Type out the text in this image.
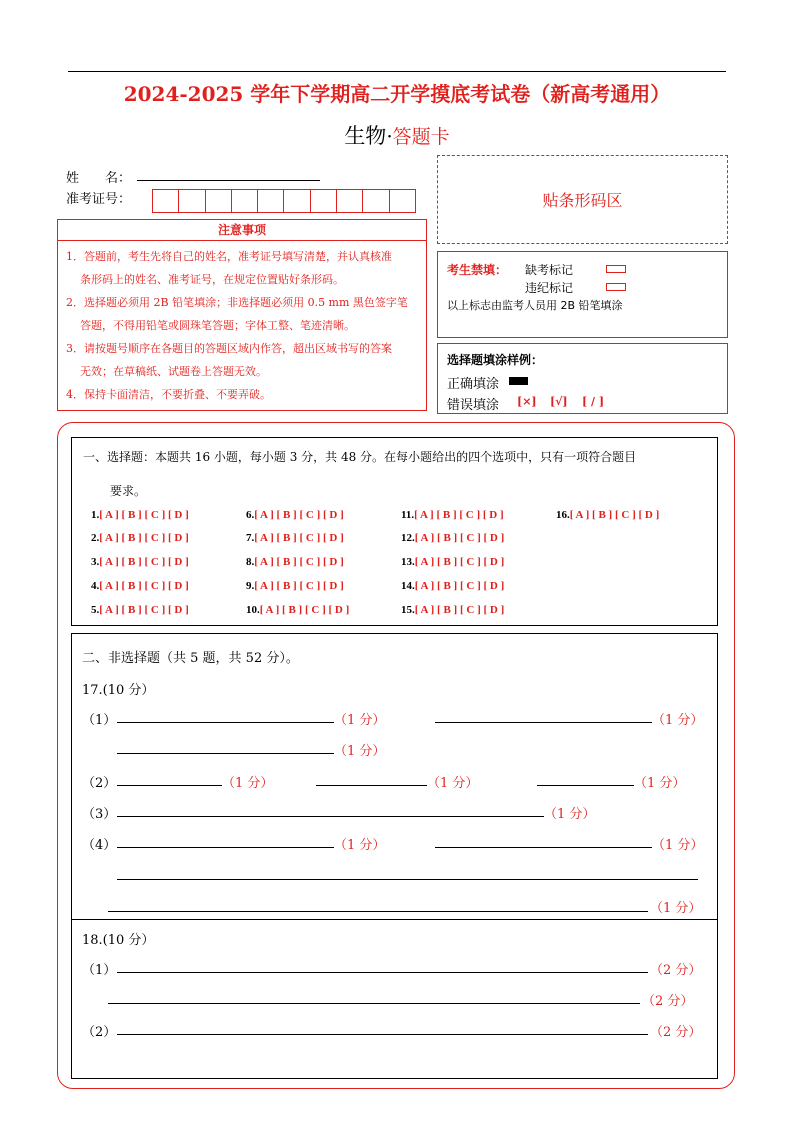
2024-2025 学年下学期高二开学摸底考试卷（新高考通用）
生物·答题卡
姓　　名：
准考证号：	贴条形码区
注意事项
1．答题前，考生先将自己的姓名，准考证号填写清楚，并认真核准
条形码上的姓名、准考证号，在规定位置贴好条形码。
2．选择题必须用 2B 铅笔填涂；非选择题必须用 0.5 mm 黑色签字笔
答题，不得用铅笔或圆珠笔答题；字体工整、笔迹清晰。
3．请按题号顺序在各题目的答题区域内作答，超出区域书写的答案
无效；在草稿纸、试题卷上答题无效。
4．保持卡面清洁，不要折叠、不要弄破。
考生禁填： 缺考标记
违纪标记
以上标志由监考人员用 2B 铅笔填涂
选择题填涂样例：
正确填涂
错误填涂 [×] [√] [ / ]
一、选择题：本题共 16 小题，每小题 3 分，共 48 分。在每小题给出的四个选项中，只有一项符合题目
要求。
1.[ A ] [ B ] [ C ] [ D ]
2.[ A ] [ B ] [ C ] [ D ]
3.[ A ] [ B ] [ C ] [ D ]
4.[ A ] [ B ] [ C ] [ D ]
5.[ A ] [ B ] [ C ] [ D ]
6.[ A ] [ B ] [ C ] [ D ]
7.[ A ] [ B ] [ C ] [ D ]
8.[ A ] [ B ] [ C ] [ D ]
9.[ A ] [ B ] [ C ] [ D ]
10.[ A ] [ B ] [ C ] [ D ]
11.[ A ] [ B ] [ C ] [ D ]
12.[ A ] [ B ] [ C ] [ D ]
13.[ A ] [ B ] [ C ] [ D ]
14.[ A ] [ B ] [ C ] [ D ]
15.[ A ] [ B ] [ C ] [ D ]
16.[ A ] [ B ] [ C ] [ D ]
二、非选择题（共 5 题，共 52 分）。
17.(10 分）
（1）	（1 分）	（1 分）
（1 分）
（2）	（1 分）	（1 分）	（1 分）
（3）	（1 分）
（4）	（1 分）	（1 分）
（1 分）
18.(10 分）
（1）	（2 分）
（2 分）
（2）	（2 分）
